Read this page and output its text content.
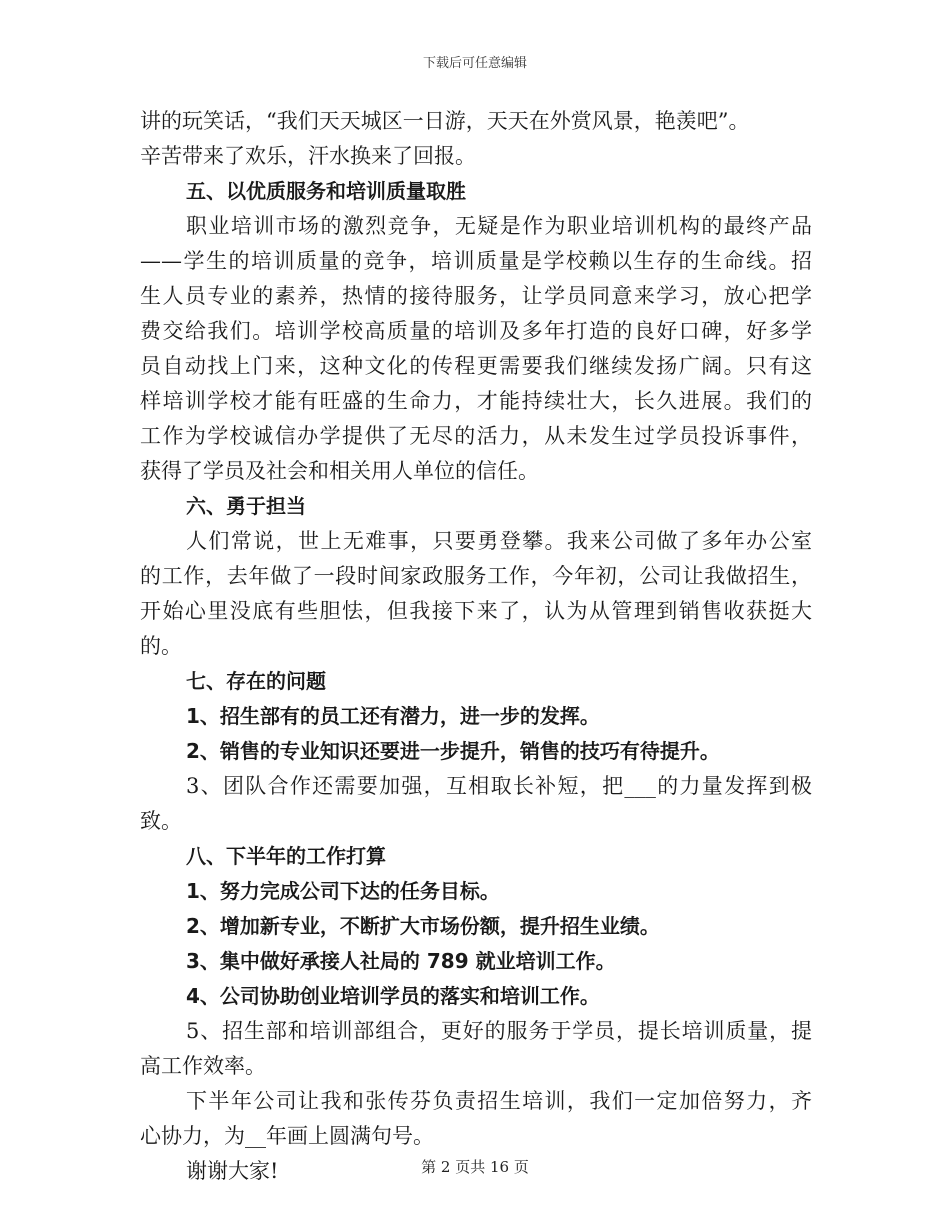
下载后可任意编辑
讲的玩笑话，“我们天天城区一日游，天天在外赏风景，艳羡吧”。
辛苦带来了欢乐，汗水换来了回报。
五、以优质服务和培训质量取胜
职业培训市场的激烈竞争，无疑是作为职业培训机构的最终产品
——学生的培训质量的竞争，培训质量是学校赖以生存的生命线。招
生人员专业的素养，热情的接待服务，让学员同意来学习，放心把学
费交给我们。培训学校高质量的培训及多年打造的良好口碑，好多学
员自动找上门来，这种文化的传程更需要我们继续发扬广阔。只有这
样培训学校才能有旺盛的生命力，才能持续壮大，长久进展。我们的
工作为学校诚信办学提供了无尽的活力，从未发生过学员投诉事件，
获得了学员及社会和相关用人单位的信任。
六、勇于担当
人们常说，世上无难事，只要勇登攀。我来公司做了多年办公室
的工作，去年做了一段时间家政服务工作，今年初，公司让我做招生，
开始心里没底有些胆怯，但我接下来了，认为从管理到销售收获挺大
的。
七、存在的问题
1、招生部有的员工还有潜力，进一步的发挥。
2、销售的专业知识还要进一步提升，销售的技巧有待提升。
3、团队合作还需要加强，互相取长补短，把___的力量发挥到极
致。
八、下半年的工作打算
1、努力完成公司下达的任务目标。
2、增加新专业，不断扩大市场份额，提升招生业绩。
3、集中做好承接人社局的 789 就业培训工作。
4、公司协助创业培训学员的落实和培训工作。
5、招生部和培训部组合，更好的服务于学员，提长培训质量，提
高工作效率。
下半年公司让我和张传芬负责招生培训，我们一定加倍努力，齐
心协力，为__年画上圆满句号。
谢谢大家!	第 2 页共 16 页
